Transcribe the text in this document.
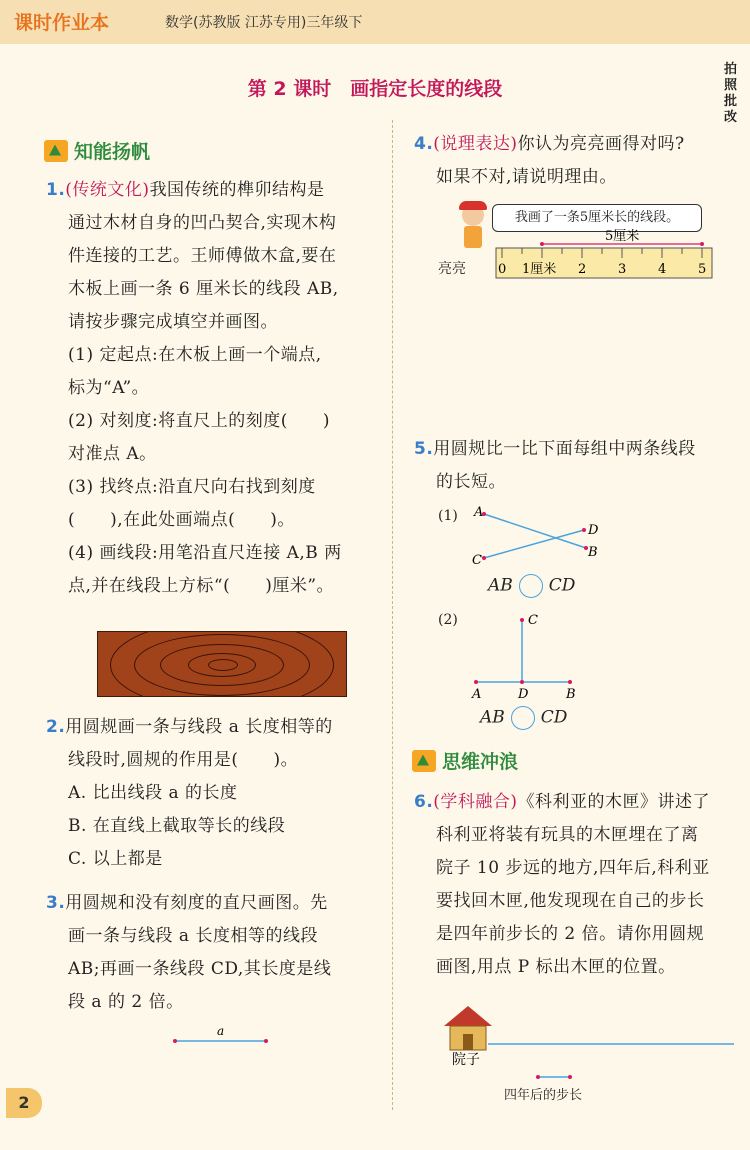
课时作业本	数学(苏教版 江苏专用)三年级下
第 2 课时　画指定长度的线段
拍
照
批
改
知能扬帆
1.(传统文化)我国传统的榫卯结构是
通过木材自身的凹凸契合,实现木构
件连接的工艺。王师傅做木盒,要在
木板上画一条 6 厘米长的线段 AB,
请按步骤完成填空并画图。
(1) 定起点:在木板上画一个端点,
标为“A”。
(2) 对刻度:将直尺上的刻度(　　)
对准点 A。
(3) 找终点:沿直尺向右找到刻度
(　　),在此处画端点(　　)。
(4) 画线段:用笔沿直尺连接 A,B 两
点,并在线段上方标“(　　)厘米”。
2.用圆规画一条与线段 a 长度相等的
线段时,圆规的作用是(　　)。
A. 比出线段 a 的长度
B. 在直线上截取等长的线段
C. 以上都是
3.用圆规和没有刻度的直尺画图。先
画一条与线段 a 长度相等的线段
AB;再画一条线段 CD,其长度是线
段 a 的 2 倍。
a
4.(说理表达)你认为亮亮画得对吗?
如果不对,请说明理由。
我画了一条5厘米长的线段。
亮亮
5厘米
0 1厘米 2 3 4 5
5.用圆规比一比下面每组中两条线段
的长短。
(1) A
D
C
B
AB CD
(2)	C
A	D	B
AB CD
思维冲浪
6.(学科融合)《科利亚的木匣》讲述了
科利亚将装有玩具的木匣埋在了离
院子 10 步远的地方,四年后,科利亚
要找回木匣,他发现现在自己的步长
是四年前步长的 2 倍。请你用圆规
画图,用点 P 标出木匣的位置。
院子
四年后的步长
2
